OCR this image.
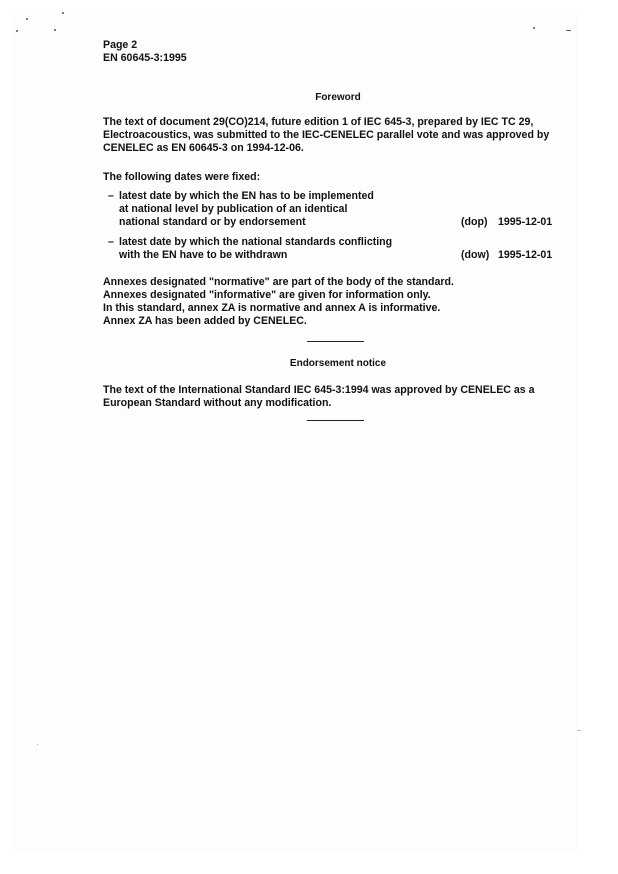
Page 2
EN 60645-3:1995
Foreword
The text of document 29(CO)214, future edition 1 of IEC 645-3, prepared by IEC TC 29,
Electroacoustics, was submitted to the IEC-CENELEC parallel vote and was approved by
CENELEC as EN 60645-3 on 1994-12-06.
The following dates were fixed:
– latest date by which the EN has to be implemented
at national level by publication of an identical
national standard or by endorsement	(dop) 1995-12-01
– latest date by which the national standards conflicting
with the EN have to be withdrawn	(dow) 1995-12-01
Annexes designated "normative" are part of the body of the standard.
Annexes designated "informative" are given for information only.
In this standard, annex ZA is normative and annex A is informative.
Annex ZA has been added by CENELEC.
Endorsement notice
The text of the International Standard IEC 645-3:1994 was approved by CENELEC as a
European Standard without any modification.
